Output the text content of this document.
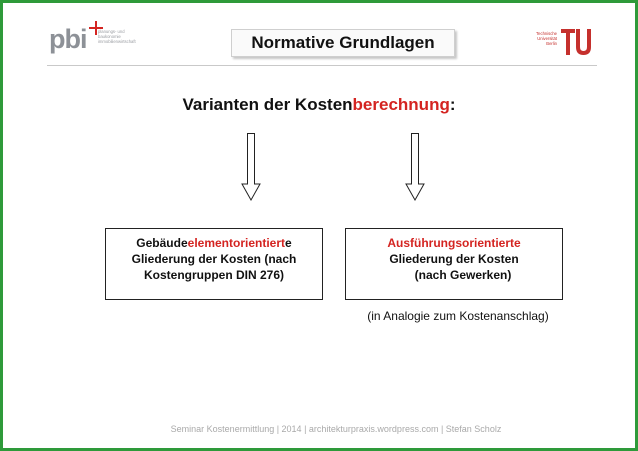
pbi	planungs- und
baukonomie
immobilienwirtschaft	Normative Grundlagen	Technische
Universität
Berlin
Varianten der Kostenberechnung:
Gebäudeelementorientierte
Gliederung der Kosten (nach
Kostengruppen DIN 276)
Ausführungsorientierte
Gliederung der Kosten
(nach Gewerken)
(in Analogie zum Kostenanschlag)
Seminar Kostenermittlung | 2014 | architekturpraxis.wordpress.com | Stefan Scholz
